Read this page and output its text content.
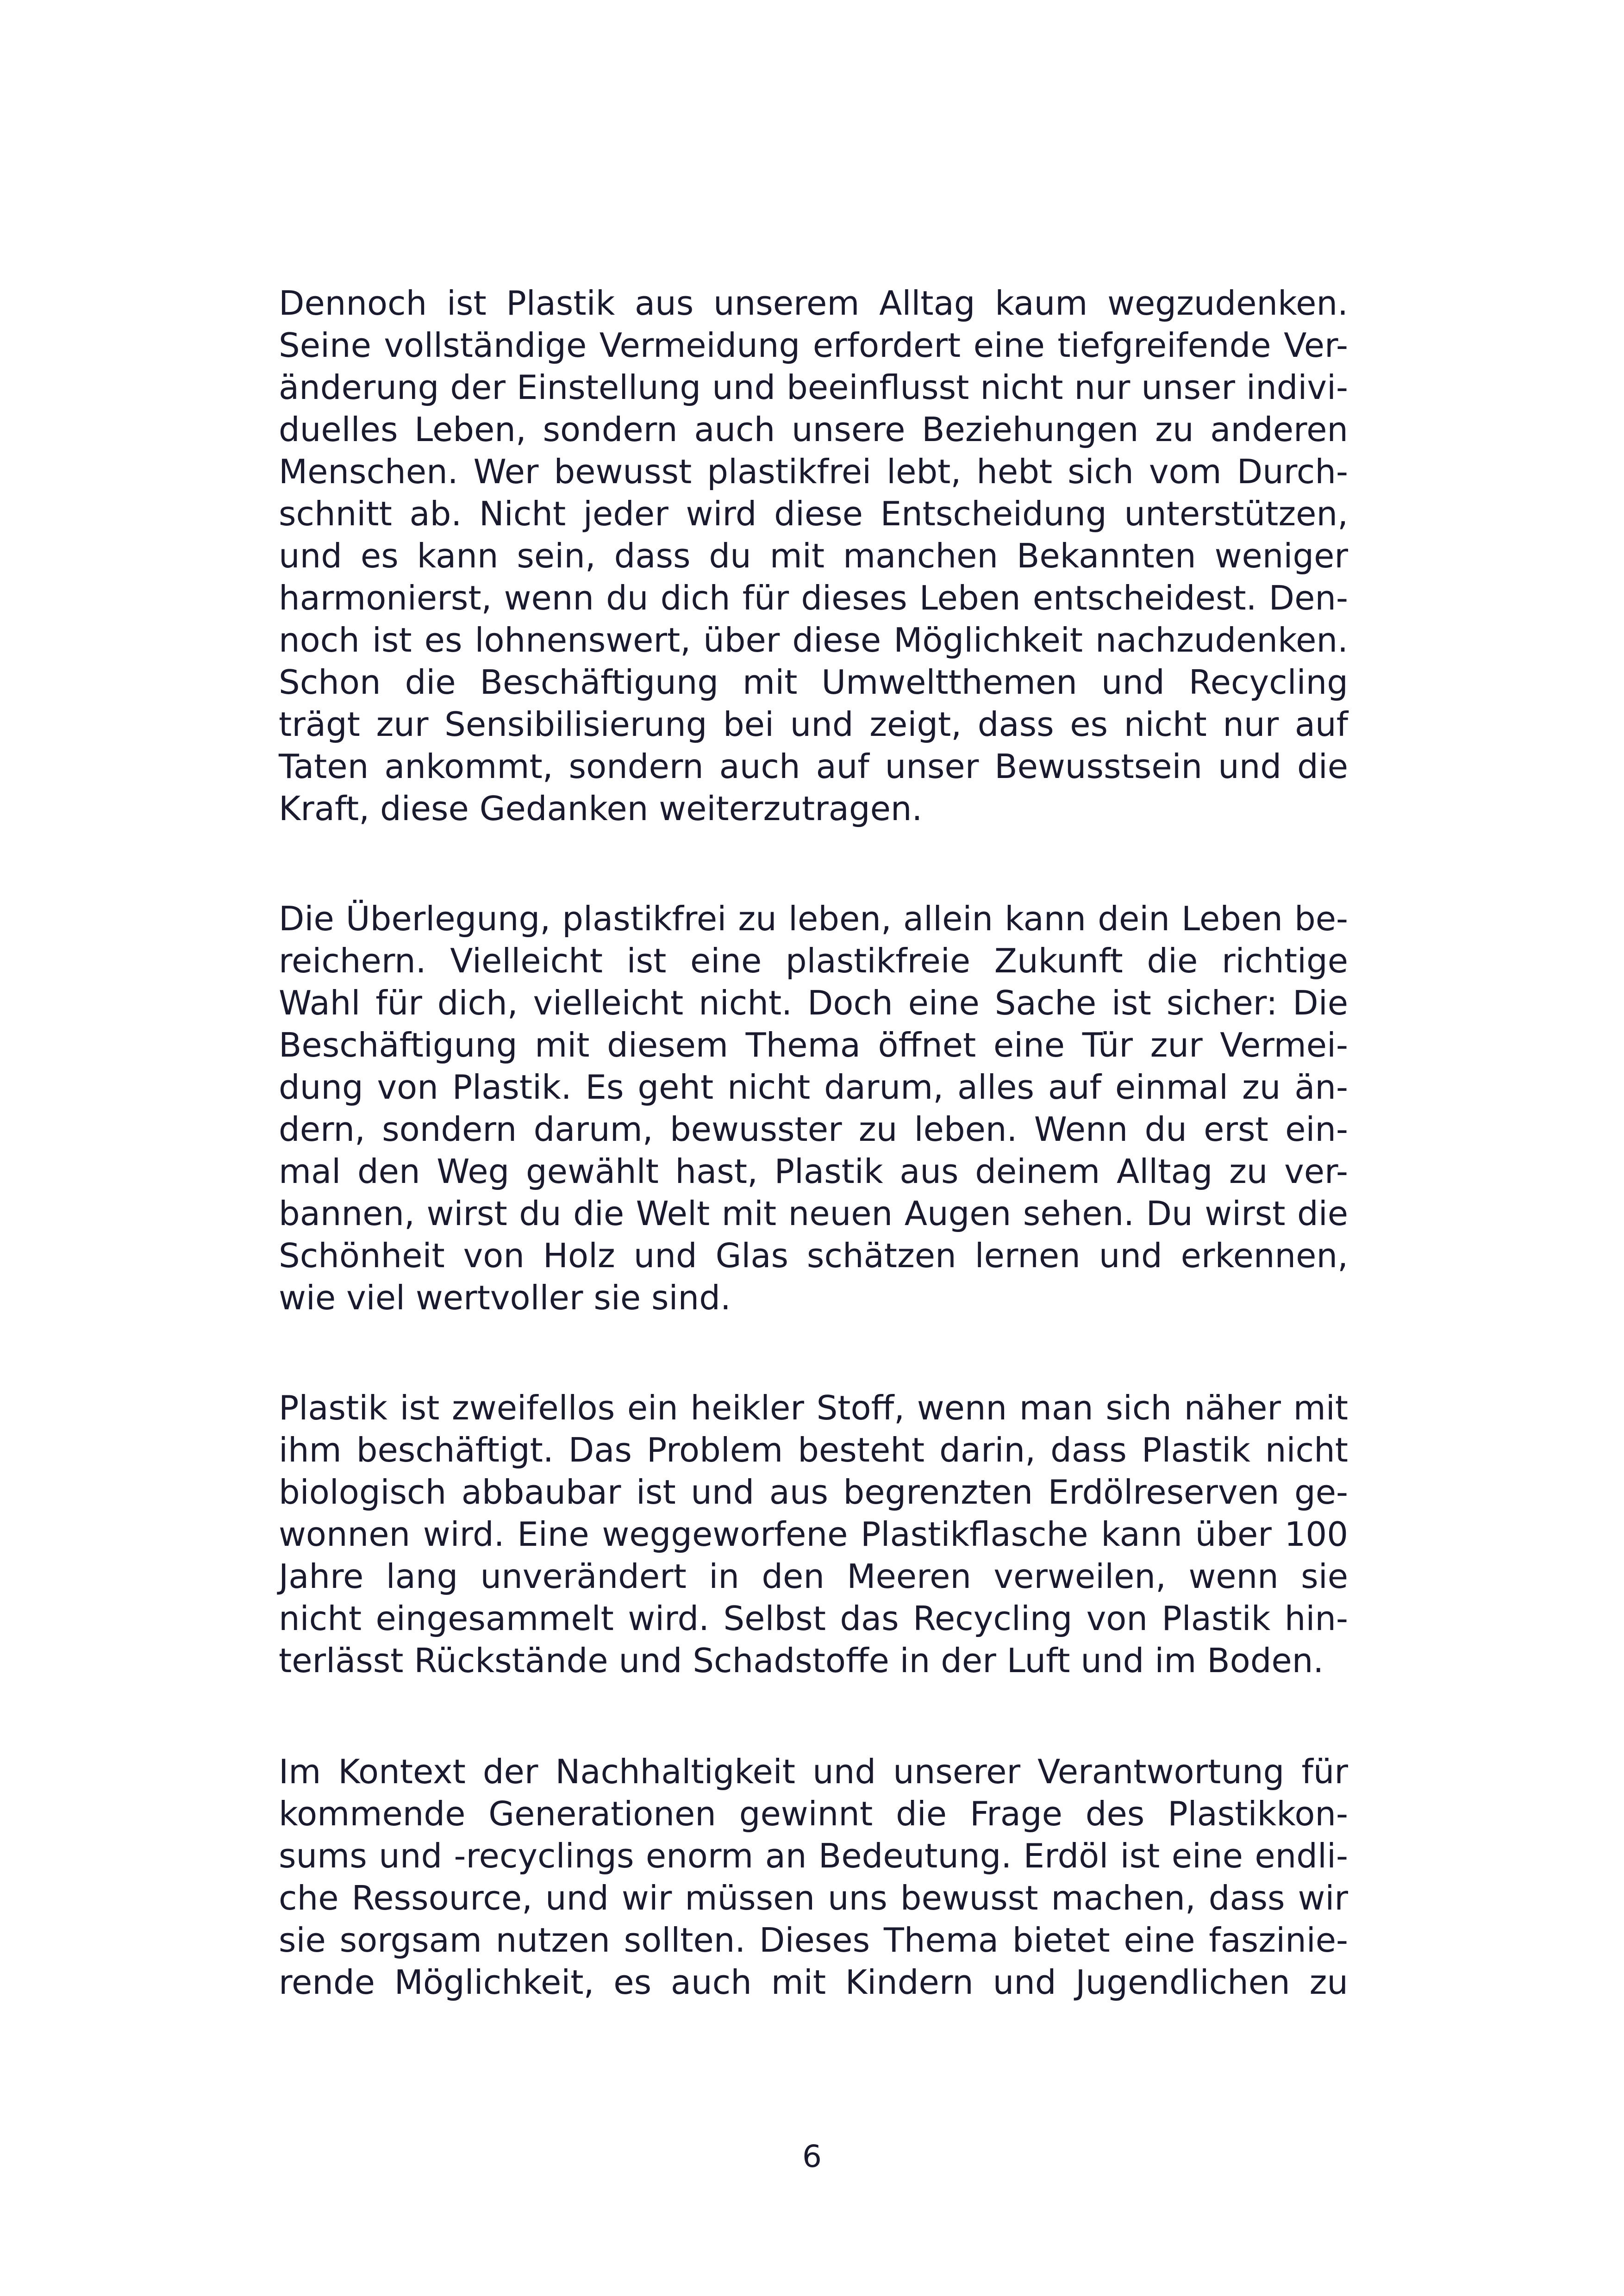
Dennoch ist Plastik aus unserem Alltag kaum wegzudenken.
Seine vollständige Vermeidung erfordert eine tiefgreifende Ver-
änderung der Einstellung und beeinflusst nicht nur unser indivi-
duelles Leben, sondern auch unsere Beziehungen zu anderen
Menschen. Wer bewusst plastikfrei lebt, hebt sich vom Durch-
schnitt ab. Nicht jeder wird diese Entscheidung unterstützen,
und es kann sein, dass du mit manchen Bekannten weniger
harmonierst, wenn du dich für dieses Leben entscheidest. Den-
noch ist es lohnenswert, über diese Möglichkeit nachzudenken.
Schon die Beschäftigung mit Umweltthemen und Recycling
trägt zur Sensibilisierung bei und zeigt, dass es nicht nur auf
Taten ankommt, sondern auch auf unser Bewusstsein und die
Kraft, diese Gedanken weiterzutragen.
Die Überlegung, plastikfrei zu leben, allein kann dein Leben be-
reichern. Vielleicht ist eine plastikfreie Zukunft die richtige
Wahl für dich, vielleicht nicht. Doch eine Sache ist sicher: Die
Beschäftigung mit diesem Thema öffnet eine Tür zur Vermei-
dung von Plastik. Es geht nicht darum, alles auf einmal zu än-
dern, sondern darum, bewusster zu leben. Wenn du erst ein-
mal den Weg gewählt hast, Plastik aus deinem Alltag zu ver-
bannen, wirst du die Welt mit neuen Augen sehen. Du wirst die
Schönheit von Holz und Glas schätzen lernen und erkennen,
wie viel wertvoller sie sind.
Plastik ist zweifellos ein heikler Stoff, wenn man sich näher mit
ihm beschäftigt. Das Problem besteht darin, dass Plastik nicht
biologisch abbaubar ist und aus begrenzten Erdölreserven ge-
wonnen wird. Eine weggeworfene Plastikflasche kann über 100
Jahre lang unverändert in den Meeren verweilen, wenn sie
nicht eingesammelt wird. Selbst das Recycling von Plastik hin-
terlässt Rückstände und Schadstoffe in der Luft und im Boden.
Im Kontext der Nachhaltigkeit und unserer Verantwortung für
kommende Generationen gewinnt die Frage des Plastikkon-
sums und -recyclings enorm an Bedeutung. Erdöl ist eine endli-
che Ressource, und wir müssen uns bewusst machen, dass wir
sie sorgsam nutzen sollten. Dieses Thema bietet eine faszinie-
rende Möglichkeit, es auch mit Kindern und Jugendlichen zu
6
